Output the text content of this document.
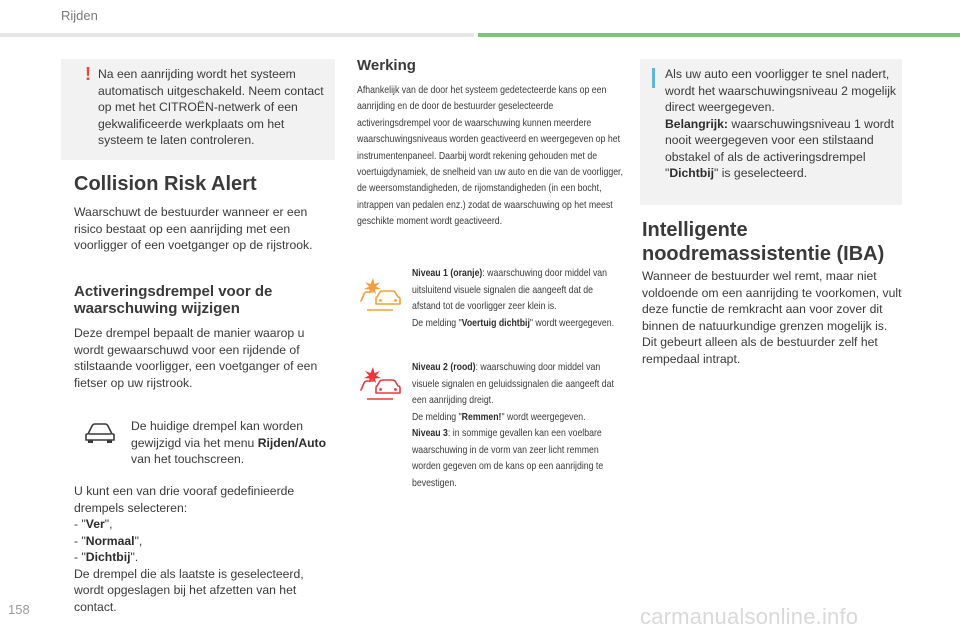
Rijden
! Na een aanrijding wordt het systeem automatisch uitgeschakeld. Neem contact op met het CITROËN-netwerk of een gekwalificeerde werkplaats om het systeem te laten controleren.
Collision Risk Alert
Waarschuwt de bestuurder wanneer er een risico bestaat op een aanrijding met een voorligger of een voetganger op de rijstrook.
Activeringsdrempel voor de
waarschuwing wijzigen
Deze drempel bepaalt de manier waarop u wordt gewaarschuwd voor een rijdende of stilstaande voorligger, een voetganger of een fietser op uw rijstrook.
De huidige drempel kan worden gewijzigd via het menu Rijden/Auto van het touchscreen.
U kunt een van drie vooraf gedefinieerde drempels selecteren:
- "Ver",
- "Normaal",
- "Dichtbij".
De drempel die als laatste is geselecteerd, wordt opgeslagen bij het afzetten van het contact.
Werking
Afhankelijk van de door het systeem gedetecteerde kans op een aanrijding en de door de bestuurder geselecteerde activeringsdrempel voor de waarschuwing kunnen meerdere waarschuwingsniveaus worden geactiveerd en weergegeven op het instrumentenpaneel. Daarbij wordt rekening gehouden met de voertuigdynamiek, de snelheid van uw auto en die van de voorligger, de weersomstandigheden, de rijomstandigheden (in een bocht, intrappen van pedalen enz.) zodat de waarschuwing op het meest geschikte moment wordt geactiveerd.
Niveau 1 (oranje): waarschuwing door middel van uitsluitend visuele signalen die aangeeft dat de afstand tot de voorligger zeer klein is.
De melding "Voertuig dichtbij" wordt weergegeven.
Niveau 2 (rood): waarschuwing door middel van visuele signalen en geluidssignalen die aangeeft dat een aanrijding dreigt.
De melding "Remmen!" wordt weergegeven.
Niveau 3: in sommige gevallen kan een voelbare waarschuwing in de vorm van zeer licht remmen worden gegeven om de kans op een aanrijding te bevestigen.
Als uw auto een voorligger te snel nadert, wordt het waarschuwingsniveau 2 mogelijk direct weergegeven.
Belangrijk: waarschuwingsniveau 1 wordt nooit weergegeven voor een stilstaand obstakel of als de activeringsdrempel "Dichtbij" is geselecteerd.
Intelligente
noodremassistentie (IBA)
Wanneer de bestuurder wel remt, maar niet voldoende om een aanrijding te voorkomen, vult deze functie de remkracht aan voor zover dit binnen de natuurkundige grenzen mogelijk is.
Dit gebeurt alleen als de bestuurder zelf het rempedaal intrapt.
158	carmanualsonline.info
